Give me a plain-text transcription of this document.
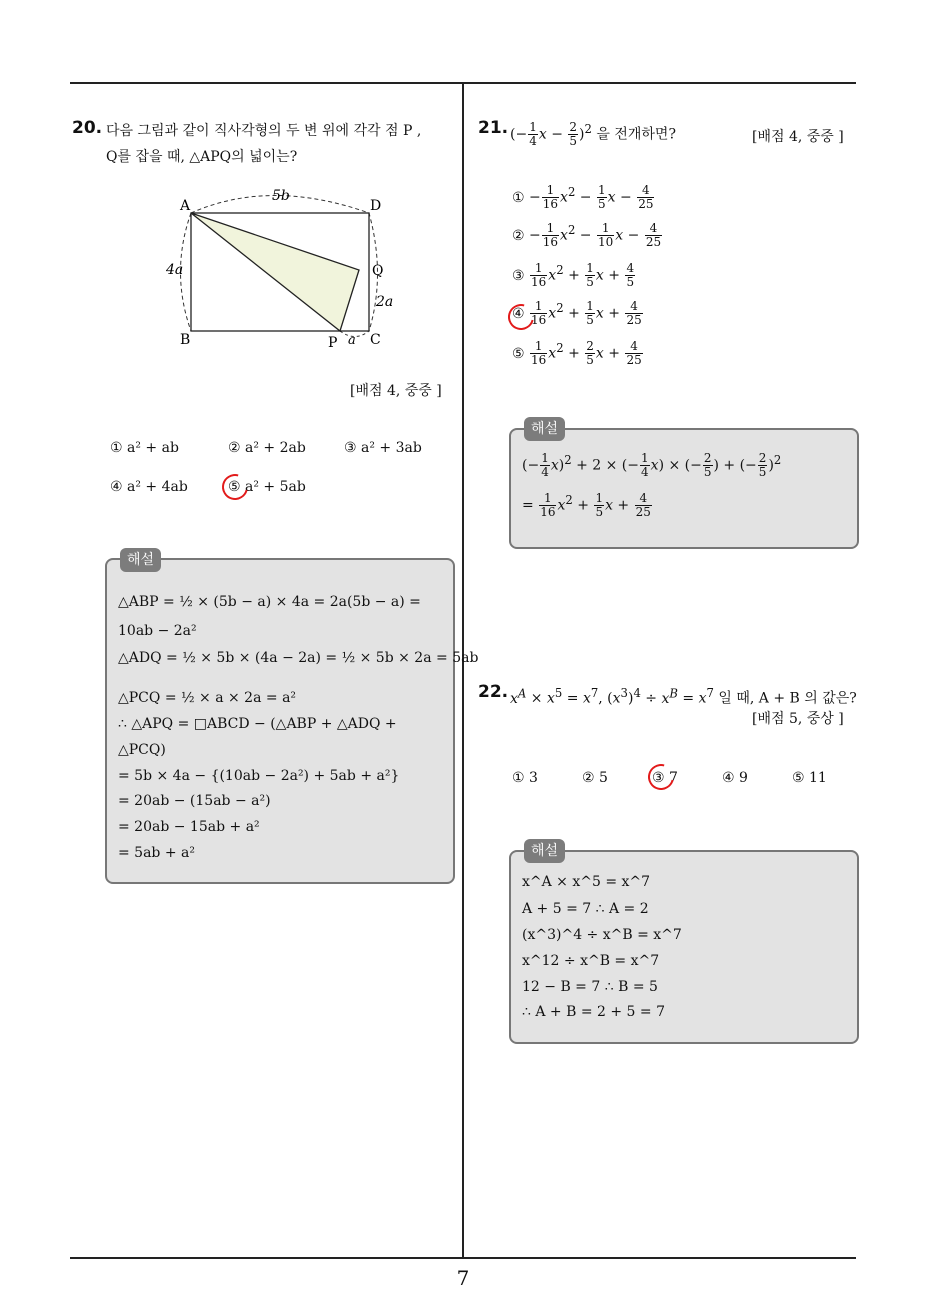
7
20. 다음 그림과 같이 직사각형의 두 변 위에 각각 점 P ,
Q를 잡을 때, △APQ의 넓이는?
A	D
B	C
P
Q
5b
4a
2a
a
[배점 4, 중중 ]
① a² + ab	② a² + 2ab	③ a² + 3ab
④ a² + 4ab	⑤ a² + 5ab
해설
△ABP = ½ × (5b − a) × 4a = 2a(5b − a) =
10ab − 2a²
△ADQ = ½ × 5b × (4a − 2a) = ½ × 5b × 2a = 5ab
△PCQ = ½ × a × 2a = a²
∴ △APQ = □ABCD − (△ABP + △ADQ +
△PCQ)
= 5b × 4a − {(10ab − 2a²) + 5ab + a²}
= 20ab − (15ab − a²)
= 20ab − 15ab + a²
= 5ab + a²
21. (− $\frac{1}{4}$ $x - \frac{2}{5} )^2$ 을 전개하면?	[배점 4, 중중 ]
① − $\frac{1}{16} x^2 - \frac{1}{5}$ $x - \frac{4}{25}$
② − $\frac{1}{16} x^2 - \frac{1}{10}$ $x - \frac{4}{25}$
③ $\frac{1}{16} x^2 + \frac{1}{5}$ $x + \frac{4}{5}$
④ $\frac{1}{16} x^2 + \frac{1}{5}$ $x + \frac{4}{25}$
⑤ $\frac{1}{16} x^2 + \frac{2}{5}$ $x + \frac{4}{25}$
해설
(− $\frac{1}{4} x)^2 + 2$ × (− $\frac{1}{4} x$) × (− $\frac{2}{5}$ ) + (− $\frac{2}{5} )^2$
= $\frac{1}{16} x^2 + \frac{1}{5}$ $x + \frac{4}{25}$
22. $x^A \times x^5 = x^7$, $(x^3)^4 \div x^B = x^7$ 일 때, A + B 의 값은?
[배점 5, 중상 ]
① 3	② 5	③ 7	④ 9	⑤ 11
해설
x^A × x^5 = x^7
A + 5 = 7 ∴ A = 2
(x^3)^4 ÷ x^B = x^7
x^12 ÷ x^B = x^7
12 − B = 7 ∴ B = 5
∴ A + B = 2 + 5 = 7
